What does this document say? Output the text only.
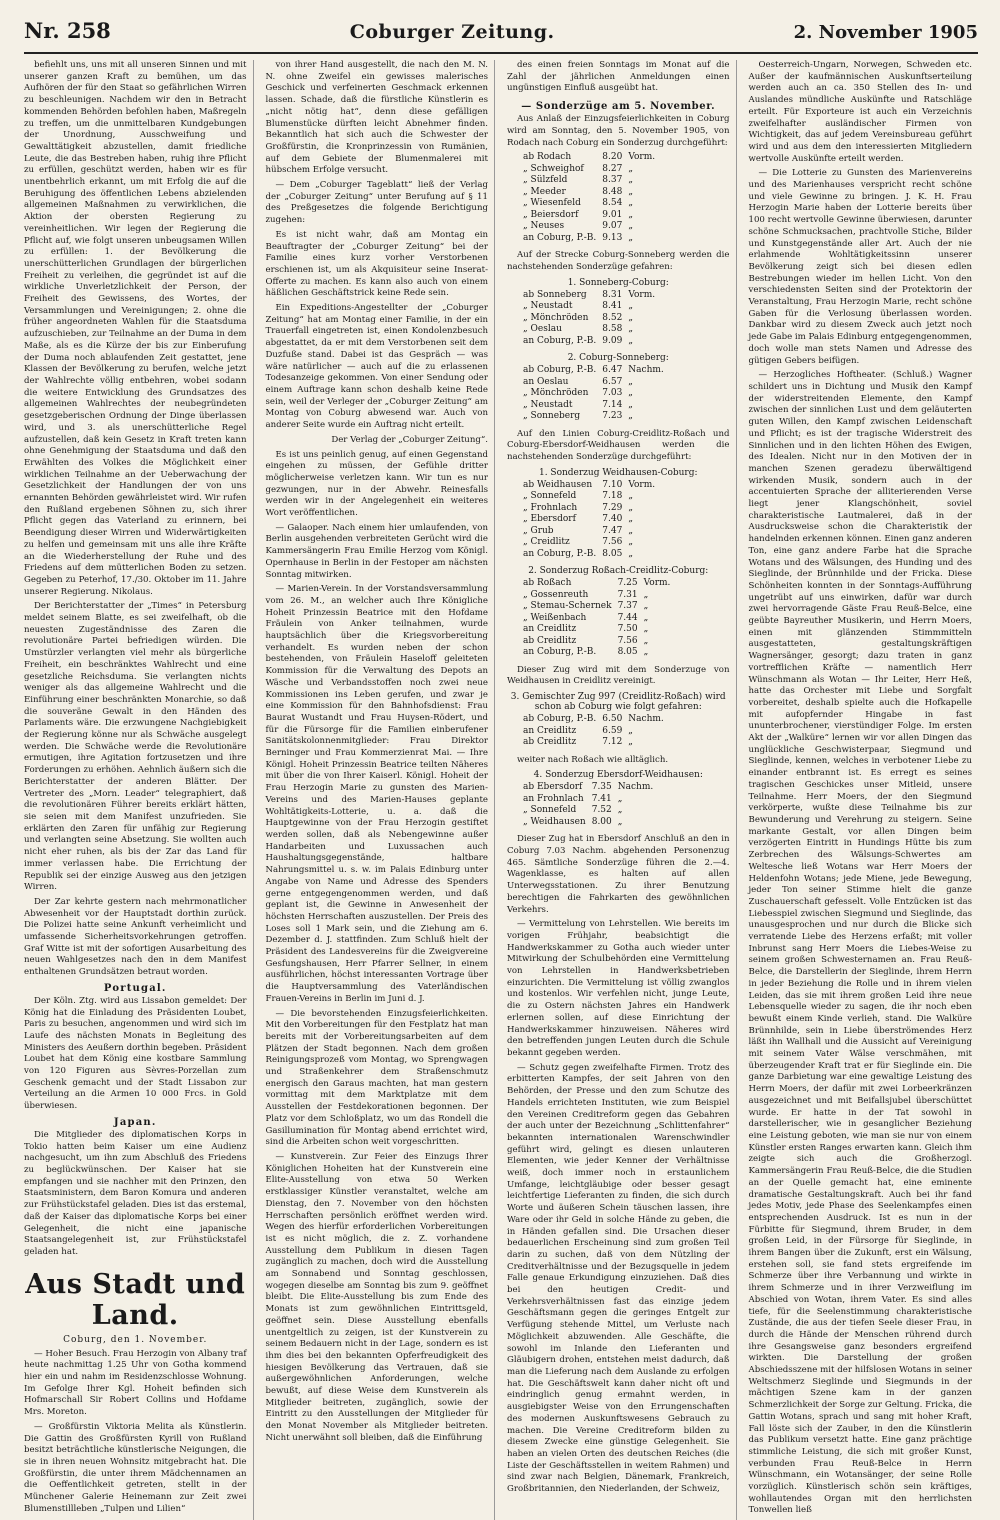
Nr. 258	Coburger Zeitung.	2. November 1905

befiehlt uns, uns mit all unseren Sinnen und mit unserer ganzen Kraft zu bemühen, um das Aufhören der für den Staat so gefährlichen Wirren zu beschleunigen. Nachdem wir den in Betracht kommenden Behörden befohlen haben, Maßregeln zu treffen, um die unmittelbaren Kundgebungen der Unordnung, Ausschweifung und Gewalttätigkeit abzustellen, damit friedliche Leute, die das Bestreben haben, ruhig ihre Pflicht zu erfüllen, geschützt werden, haben wir es für unentbehrlich erkannt, um mit Erfolg die auf die Beruhigung des öffentlichen Lebens abzielenden allgemeinen Maßnahmen zu verwirklichen, die Aktion der obersten Regierung zu vereinheitlichen. Wir legen der Regierung die Pflicht auf, wie folgt unseren unbeugsamen Willen zu erfüllen: 1. der Bevölkerung die unerschütterlichen Grundlagen der bürgerlichen Freiheit zu verleihen, die gegründet ist auf die wirkliche Unverletzlichkeit der Person, der Freiheit des Gewissens, des Wortes, der Versammlungen und Vereinigungen; 2. ohne die früher angeordneten Wahlen für die Staatsduma aufzuschieben, zur Teilnahme an der Duma in dem Maße, als es die Kürze der bis zur Einberufung der Duma noch ablaufenden Zeit gestattet, jene Klassen der Bevölkerung zu berufen, welche jetzt der Wahlrechte völlig entbehren, wobei sodann die weitere Entwicklung des Grundsatzes des allgemeinen Wahlrechtes der neubegründeten gesetzgeberischen Ordnung der Dinge überlassen wird, und 3. als unerschütterliche Regel aufzustellen, daß kein Gesetz in Kraft treten kann ohne Genehmigung der Staatsduma und daß den Erwählten des Volkes die Möglichkeit einer wirklichen Teilnahme an der Ueberwachung der Gesetzlichkeit der Handlungen der von uns ernannten Behörden gewährleistet wird. Wir rufen den Rußland ergebenen Söhnen zu, sich ihrer Pflicht gegen das Vaterland zu erinnern, bei Beendigung dieser Wirren und Widerwärtigkeiten zu helfen und gemeinsam mit uns alle ihre Kräfte an die Wiederherstellung der Ruhe und des Friedens auf dem mütterlichen Boden zu setzen. Gegeben zu Peterhof, 17./30. Oktober im 11. Jahre unserer Regierung. Nikolaus.

Der Berichterstatter der „Times“ in Petersburg meldet seinem Blatte, es sei zweifelhaft, ob die neuesten Zugeständnisse des Zaren die revolutionäre Partei befriedigen würden. Die Umstürzler verlangten viel mehr als bürgerliche Freiheit, ein beschränktes Wahlrecht und eine gesetzliche Reichsduma. Sie verlangten nichts weniger als das allgemeine Wahlrecht und die Einführung einer beschränkten Monarchie, so daß die souveräne Gewalt in den Händen des Parlaments wäre. Die erzwungene Nachgiebigkeit der Regierung könne nur als Schwäche ausgelegt werden. Die Schwäche werde die Revolutionäre ermutigen, ihre Agitation fortzusetzen und ihre Forderungen zu erhöhen. Aehnlich äußern sich die Berichterstatter der anderen Blätter. Der Vertreter des „Morn. Leader“ telegraphiert, daß die revolutionären Führer bereits erklärt hätten, sie seien mit dem Manifest unzufrieden. Sie erklärten den Zaren für unfähig zur Regierung und verlangten seine Absetzung. Sie wollten auch nicht eher ruhen, als bis der Zar das Land für immer verlassen habe. Die Errichtung der Republik sei der einzige Ausweg aus den jetzigen Wirren.

Der Zar kehrte gestern nach mehrmonatlicher Abwesenheit vor der Hauptstadt dorthin zurück. Die Polizei hatte seine Ankunft verheimlicht und umfassende Sicherheitsvorkehrungen getroffen. Graf Witte ist mit der sofortigen Ausarbeitung des neuen Wahlgesetzes nach den in dem Manifest enthaltenen Grundsätzen betraut worden.

Portugal.

Der Köln. Ztg. wird aus Lissabon gemeldet: Der König hat die Einladung des Präsidenten Loubet, Paris zu besuchen, angenommen und wird sich im Laufe des nächsten Monats in Begleitung des Ministers des Aeußern dorthin begeben. Präsident Loubet hat dem König eine kostbare Sammlung von 120 Figuren aus Sèvres-Porzellan zum Geschenk gemacht und der Stadt Lissabon zur Verteilung an die Armen 10 000 Frcs. in Gold überwiesen.

Japan.

Die Mitglieder des diplomatischen Korps in Tokio hatten beim Kaiser um eine Audienz nachgesucht, um ihn zum Abschluß des Friedens zu beglückwünschen. Der Kaiser hat sie empfangen und sie nachher mit den Prinzen, den Staatsministern, dem Baron Komura und anderen zur Frühstückstafel geladen. Dies ist das erstemal, daß der Kaiser das diplomatische Korps bei einer Gelegenheit, die nicht eine japanische Staatsangelegenheit ist, zur Frühstückstafel geladen hat.

Aus Stadt und Land.
Coburg, den 1. November.

— Hoher Besuch. Frau Herzogin von Albany traf heute nachmittag 1.25 Uhr von Gotha kommend hier ein und nahm im Residenzschlosse Wohnung. Im Gefolge Ihrer Kgl. Hoheit befinden sich Hofmarschall Sir Robert Collins und Hofdame Mrs. Moreton.

— Großfürstin Viktoria Melita als Künstlerin. Die Gattin des Großfürsten Kyrill von Rußland besitzt beträchtliche künstlerische Neigungen, die sie in ihren neuen Wohnsitz mitgebracht hat. Die Großfürstin, die unter ihrem Mädchennamen an die Oeffentlichkeit getreten, stellt in der Münchener Galerie Heinemann zur Zeit zwei Blumenstillleben „Tulpen und Lilien“

von ihrer Hand ausgestellt, die nach den M. N. N. ohne Zweifel ein gewisses malerisches Geschick und verfeinerten Geschmack erkennen lassen. Schade, daß die fürstliche Künstlerin es „nicht nötig hat“, denn diese gefälligen Blumenstücke dürften leicht Abnehmer finden. Bekanntlich hat sich auch die Schwester der Großfürstin, die Kronprinzessin von Rumänien, auf dem Gebiete der Blumenmalerei mit hübschem Erfolge versucht.

— Dem „Coburger Tageblatt“ ließ der Verlag der „Coburger Zeitung“ unter Berufung auf § 11 des Preßgesetzes die folgende Berichtigung zugehen:

Es ist nicht wahr, daß am Montag ein Beauftragter der „Coburger Zeitung“ bei der Familie eines kurz vorher Verstorbenen erschienen ist, um als Akquisiteur seine Inserat-Offerte zu machen. Es kann also auch von einem häßlichen Geschäftstrick keine Rede sein.

Ein Expeditions-Angestellter der „Coburger Zeitung“ hat am Montag einer Familie, in der ein Trauerfall eingetreten ist, einen Kondolenzbesuch abgestattet, da er mit dem Verstorbenen seit dem Duzfuße stand. Dabei ist das Gespräch — was wäre natürlicher — auch auf die zu erlassenen Todesanzeige gekommen. Von einer Sendung oder einem Auftrage kann schon deshalb keine Rede sein, weil der Verleger der „Coburger Zeitung“ am Montag von Coburg abwesend war. Auch von anderer Seite wurde ein Auftrag nicht erteilt.

Der Verlag der „Coburger Zeitung“.

Es ist uns peinlich genug, auf einen Gegenstand eingehen zu müssen, der Gefühle dritter möglicherweise verletzen kann. Wir tun es nur gezwungen, nur in der Abwehr. Reinesfalls werden wir in der Angelegenheit ein weiteres Wort veröffentlichen.

— Galaoper. Nach einem hier umlaufenden, von Berlin ausgehenden verbreiteten Gerücht wird die Kammersängerin Frau Emilie Herzog vom Königl. Opernhause in Berlin in der Festoper am nächsten Sonntag mitwirken.

— Marien-Verein. In der Vorstandsversammlung vom 26. M., an welcher auch Ihre Königliche Hoheit Prinzessin Beatrice mit den Hofdame Fräulein von Anker teilnahmen, wurde hauptsächlich über die Kriegsvorbereitung verhandelt. Es wurden neben der schon bestehenden, von Fräulein Haseloff geleiteten Kommission für die Verwaltung des Depots an Wäsche und Verbandsstoffen noch zwei neue Kommissionen ins Leben gerufen, und zwar je eine Kommission für den Bahnhofsdienst: Frau Baurat Wustandt und Frau Huysen-Rödert, und für die Fürsorge für die Familien einberufener Sanitätskolonnenmitglieder: Frau Direktor Berninger und Frau Kommerzienrat Mai. — Ihre Königl. Hoheit Prinzessin Beatrice teilten Näheres mit über die von Ihrer Kaiserl. Königl. Hoheit der Frau Herzogin Marie zu gunsten des Marien-Vereins und des Marien-Hauses geplante Wohltätigkeits-Lotterie, u. a. daß die Hauptgewinne von der Frau Herzogin gestiftet werden sollen, daß als Nebengewinne außer Handarbeiten und Luxussachen auch Haushaltungsgegenstände, haltbare Nahrungsmittel u. s. w. im Palais Edinburg unter Angabe von Name und Adresse des Spenders gerne entgegengenommen werden, und daß geplant ist, die Gewinne in Anwesenheit der höchsten Herrschaften auszustellen. Der Preis des Loses soll 1 Mark sein, und die Ziehung am 6. Dezember d. J. stattfinden. Zum Schluß hielt der Präsident des Landesvereins für die Zweigvereine Gesfungshausen, Herr Pfarrer Sellner, in einem ausführlichen, höchst interessanten Vortrage über die Hauptversammlung des Vaterländischen Frauen-Vereins in Berlin im Juni d. J.

— Die bevorstehenden Einzugsfeierlichkeiten. Mit den Vorbereitungen für den Festplatz hat man bereits mit der Vorbereitungsarbeiten auf dem Plätzen der Stadt begonnen. Nach dem großen Reinigungsprozeß vom Montag, wo Sprengwagen und Straßenkehrer dem Straßenschmutz energisch den Garaus machten, hat man gestern vormittag mit dem Marktplatze mit dem Ausstellen der Festdekorationen begonnen. Der Platz vor dem Schloßplatz, wo um das Rondell die Gasillumination für Montag abend errichtet wird, sind die Arbeiten schon weit vorgeschritten.

— Kunstverein. Zur Feier des Einzugs Ihrer Königlichen Hoheiten hat der Kunstverein eine Elite-Ausstellung von etwa 50 Werken erstklassiger Künstler veranstaltet, welche am Dienstag, den 7. November von den höchsten Herrschaften persönlich eröffnet werden wird. Wegen des hierfür erforderlichen Vorbereitungen ist es nicht möglich, die z. Z. vorhandene Ausstellung dem Publikum in diesen Tagen zugänglich zu machen, doch wird die Ausstellung am Sonnabend und Sonntag geschlossen, wogegen dieselbe am Sonntag bis zum 9. geöffnet bleibt. Die Elite-Ausstellung bis zum Ende des Monats ist zum gewöhnlichen Eintrittsgeld, geöffnet sein. Diese Ausstellung ebenfalls unentgeltlich zu zeigen, ist der Kunstverein zu seinem Bedauern nicht in der Lage, sondern es ist ihm dies bei den bekannten Opferfreudigkeit des hiesigen Bevölkerung das Vertrauen, daß sie außergewöhnlichen Anforderungen, welche bewußt, auf diese Weise dem Kunstverein als Mitglieder beitreten, zugänglich, sowie der Eintritt zu den Ausstellungen der Mitglieder für den Monat November als Mitglieder beitreten. Nicht unerwähnt soll bleiben, daß die Einführung

des einen freien Sonntags im Monat auf die Zahl der jährlichen Anmeldungen einen ungünstigen Einfluß ausgeübt hat.

— Sonderzüge am 5. November.

Aus Anlaß der Einzugsfeierlichkeiten in Coburg wird am Sonntag, den 5. November 1905, von Rodach nach Coburg ein Sonderzug durchgeführt:

ab Rodach	8.20	Vorm.
„ Schweighof	8.27	„
„ Sülzfeld	8.37	„
„ Meeder	8.48	„
„ Wiesenfeld	8.54	„
„ Beiersdorf	9.01	„
„ Neuses	9.07	„
an Coburg, P.-B.	9.13	„

Auf der Strecke Coburg-Sonneberg werden die nachstehenden Sonderzüge gefahren:

1. Sonneberg-Coburg:
ab Sonneberg	8.31	Vorm.
„ Neustadt	8.41	„
„ Mönchröden	8.52	„
„ Oeslau	8.58	„
an Coburg, P.-B.	9.09	„
2. Coburg-Sonneberg:
ab Coburg, P.-B.	6.47	Nachm.
an Oeslau	6.57	„
„ Mönchröden	7.03	„
„ Neustadt	7.14	„
„ Sonneberg	7.23	„

Auf den Linien Coburg-Creidlitz-Roßach und Coburg-Ebersdorf-Weidhausen werden die nachstehenden Sonderzüge durchgeführt:

1. Sonderzug Weidhausen-Coburg:
ab Weidhausen	7.10	Vorm.
„ Sonnefeld	7.18	„
„ Frohnlach	7.29	„
„ Ebersdorf	7.40	„
„ Grub	7.47	„
„ Creidlitz	7.56	„
an Coburg, P.-B.	8.05	„
2. Sonderzug Roßach-Creidlitz-Coburg:
ab Roßach	7.25	Vorm.
„ Gossenreuth	7.31	„
„ Stemau-Schernek	7.37	„
„ Weißenbach	7.44	„
an Creidlitz	7.50	„
ab Creidlitz	7.56	„
an Coburg, P.-B.	8.05	„

Dieser Zug wird mit dem Sonderzuge von Weidhausen in Creidlitz vereinigt.

3. Gemischter Zug 997 (Creidlitz-Roßach) wird schon ab Coburg wie folgt gefahren:
ab Coburg, P.-B.	6.50	Nachm.
an Creidlitz	6.59	„
ab Creidlitz	7.12	„

weiter nach Roßach wie alltäglich.

4. Sonderzug Ebersdorf-Weidhausen:
ab Ebersdorf	7.35	Nachm.
an Frohnlach	7.41	„
„ Sonnefeld	7.52	„
„ Weidhausen	8.00	„

Dieser Zug hat in Ebersdorf Anschluß an den in Coburg 7.03 Nachm. abgehenden Personenzug 465. Sämtliche Sonderzüge führen die 2.—4. Wagenklasse, es halten auf allen Unterwegsstationen. Zu ihrer Benutzung berechtigen die Fahrkarten des gewöhnlichen Verkehrs.

— Vermittelung von Lehrstellen. Wie bereits im vorigen Frühjahr, beabsichtigt die Handwerkskammer zu Gotha auch wieder unter Mitwirkung der Schulbehörden eine Vermittelung von Lehrstellen in Handwerksbetrieben einzurichten. Die Vermittelung ist völlig zwanglos und kostenlos. Wir verfehlen nicht, junge Leute, die zu Ostern nächsten Jahres ein Handwerk erlernen sollen, auf diese Einrichtung der Handwerkskammer hinzuweisen. Näheres wird den betreffenden jungen Leuten durch die Schule bekannt gegeben werden.

— Schutz gegen zweifelhafte Firmen. Trotz des erbitterten Kampfes, der seit Jahren von den Behörden, der Presse und den zum Schutze des Handels errichteten Instituten, wie zum Beispiel den Vereinen Creditreform gegen das Gebahren der auch unter der Bezeichnung „Schlittenfahrer“ bekannten internationalen Warenschwindler geführt wird, gelingt es diesen unlauteren Elementen, wie jeder Kenner der Verhältnisse weiß, doch immer noch in erstaunlichem Umfange, leichtgläubige oder besser gesagt leichtfertige Lieferanten zu finden, die sich durch Worte und äußeren Schein täuschen lassen, ihre Ware oder ihr Geld in solche Hände zu geben, die in Händen gefallen sind. Die Ursachen dieser bedauerlichen Erscheinung sind zum großen Teil darin zu suchen, daß von dem Nützling der Creditverhältnisse und der Bezugsquelle in jedem Falle genaue Erkundigung einzuziehen. Daß dies bei den heutigen Credit- und Verkehrsverhältnissen fast das einzige jedem Geschäftsmann gegen die geringes Entgelt zur Verfügung stehende Mittel, um Verluste nach Möglichkeit abzuwenden. Alle Geschäfte, die sowohl im Inlande den Lieferanten und Gläubigern drohen, entstehen meist dadurch, daß man die Lieferung nach dem Auslande zu erfolgen hat. Die Geschäftswelt kann daher nicht oft und eindringlich genug ermahnt werden, in ausgiebigster Weise von den Errungenschaften des modernen Auskunftswesens Gebrauch zu machen. Die Vereine Creditreform bilden zu diesem Zwecke eine günstige Gelegenheit. Sie haben an vielen Orten des deutschen Reiches (die Liste der Geschäftsstellen in weitem Rahmen) und sind zwar nach Belgien, Dänemark, Frankreich, Großbritannien, den Niederlanden, der Schweiz,

Oesterreich-Ungarn, Norwegen, Schweden etc. Außer der kaufmännischen Auskunftserteilung werden auch an ca. 350 Stellen des In- und Auslandes mündliche Auskünfte und Ratschläge erteilt. Für Exporteure ist auch ein Verzeichnis zweifelhafter ausländischer Firmen von Wichtigkeit, das auf jedem Vereinsbureau geführt wird und aus dem den interessierten Mitgliedern wertvolle Auskünfte erteilt werden.

— Die Lotterie zu Gunsten des Marienvereins und des Marienhauses verspricht recht schöne und viele Gewinne zu bringen. J. K. H. Frau Herzogin Marie haben der Lotterie bereits über 100 recht wertvolle Gewinne überwiesen, darunter schöne Schmucksachen, prachtvolle Stiche, Bilder und Kunstgegenstände aller Art. Auch der nie erlahmende Wohltätigkeitssinn unserer Bevölkerung zeigt sich bei diesen edlen Bestrebungen wieder im hellen Licht. Von den verschiedensten Seiten sind der Protektorin der Veranstaltung, Frau Herzogin Marie, recht schöne Gaben für die Verlosung überlassen worden. Dankbar wird zu diesem Zweck auch jetzt noch jede Gabe im Palais Edinburg entgegengenommen, doch wolle man stets Namen und Adresse des gütigen Gebers beifügen.

— Herzogliches Hoftheater. (Schluß.) Wagner schildert uns in Dichtung und Musik den Kampf der widerstreitenden Elemente, den Kampf zwischen der sinnlichen Lust und dem geläuterten guten Willen, den Kampf zwischen Leidenschaft und Pflicht; es ist der tragische Widerstreit des Sinnlichen und in den lichten Höhen des Ewigen, des Idealen. Nicht nur in den Motiven der in manchen Szenen geradezu überwältigend wirkenden Musik, sondern auch in der accentuierten Sprache der alliterierenden Verse liegt jener Klangschönheit, soviel charakteristische Lautmalerei, daß in der Ausdrucksweise schon die Charakteristik der handelnden erkennen können. Einen ganz anderen Ton, eine ganz andere Farbe hat die Sprache Wotans und des Wälsungen, des Hunding und des Sieglinde, der Brünnhilde und der Fricka. Diese Schönheiten konnten in der Sonntags-Aufführung ungetrübt auf uns einwirken, dafür war durch zwei hervorragende Gäste Frau Reuß-Belce, eine geübte Bayreuther Musikerin, und Herrn Moers, einen mit glänzenden Stimmmitteln ausgestatteten, gestaltungskräftigen Wagnersänger, gesorgt; dazu traten in ganz vortrefflichen Kräfte — namentlich Herr Wünschmann als Wotan — Ihr Leiter, Herr Heß, hatte das Orchester mit Liebe und Sorgfalt vorbereitet, deshalb spielte auch die Hofkapelle mit aufopfernder Hingabe in fast ununterbrochener, vierstündiger Folge. Im ersten Akt der „Walküre“ lernen wir vor allen Dingen das unglückliche Geschwisterpaar, Siegmund und Sieglinde, kennen, welches in verbotener Liebe zu einander entbrannt ist. Es erregt es seines tragischen Geschickes unser Mitleid, unsere Teilnahme. Herr Moers, der den Siegmund verkörperte, wußte diese Teilnahme bis zur Bewunderung und Verehrung zu steigern. Seine markante Gestalt, vor allen Dingen beim verzögerten Eintritt in Hundings Hütte bis zum Zerbrechen des Wälsungs-Schwertes am Weltesche ließ Wotans war Herr Moers der Heldenfohn Wotans; jede Miene, jede Bewegung, jeder Ton seiner Stimme hielt die ganze Zuschauerschaft gefesselt. Volle Entzücken ist das Liebesspiel zwischen Siegmund und Sieglinde, das unausgesprochen und nur durch die Blicke sich verratende Liebe des Herzens erfaßt; mit voller Inbrunst sang Herr Moers die Liebes-Weise zu seinem großen Schwesternamen an. Frau Reuß-Belce, die Darstellerin der Sieglinde, ihrem Herrn in jeder Beziehung die Rolle und in ihrem vielen Leiden, das sie mit ihrem großen Leid ihre neue Lebensquelle wieder zu sagen, die ihr noch eben bewußt einem Kinde verlieh, stand. Die Walküre Brünnhilde, sein in Liebe überströmendes Herz läßt ihn Wallhall und die Aussicht auf Vereinigung mit seinem Vater Wälse verschmähen, mit überzeugender Kraft trat er für Sieglinde ein. Die ganze Darbietung war eine gewaltige Leistung des Herrn Moers, der dafür mit zwei Lorbeerkränzen ausgezeichnet und mit Beifallsjubel überschüttet wurde. Er hatte in der Tat sowohl in darstellerischer, wie in gesanglicher Beziehung eine Leistung geboten, wie man sie nur von einem Künstler ersten Ranges erwarten kann. Gleich ihm zeigte sich auch die Großherzogl. Kammersängerin Frau Reuß-Belce, die die Studien an der Quelle gemacht hat, eine eminente dramatische Gestaltungskraft. Auch bei ihr fand jedes Motiv, jede Phase des Seelenkampfes einen entsprechenden Ausdruck. Ist es nun in der Fürbitte für Siegmund, ihrem Bruder, in dem großen Leid, in der Fürsorge für Sieglinde, in ihrem Bangen über die Zukunft, erst ein Wälsung, erstehen soll, sie fand stets ergreifende im Schmerze über ihre Verbannung und wirkte in ihrem Schmerze und in ihrer Verzweiflung im Abschied von Wotan, ihrem Vater. Es sind alles tiefe, für die Seelenstimmung charakteristische Zustände, die aus der tiefen Seele dieser Frau, in durch die Hände der Menschen rührend durch ihre Gesangsweise ganz besonders ergreifend wirkten. Die Darstellung der großen Abschiedsszene mit der hilfslosen Wotans in seiner Weltschmerz Sieglinde und Siegmunds in der mächtigen Szene kam in der ganzen Schmerzlichkeit der Sorge zur Geltung. Fricka, die Gattin Wotans, sprach und sang mit hoher Kraft, Fall löste sich der Zauber, in den die Künstlerin das Publikum versetzt hatte. Eine ganz prächtige stimmliche Leistung, die sich mit großer Kunst, verbunden Frau Reuß-Belce in Herrn Wünschmann, ein Wotansänger, der seine Rolle vorzüglich. Künstlerisch schön sein kräftiges, wohllautendes Organ mit den herrlichsten Tonwellen ließ
